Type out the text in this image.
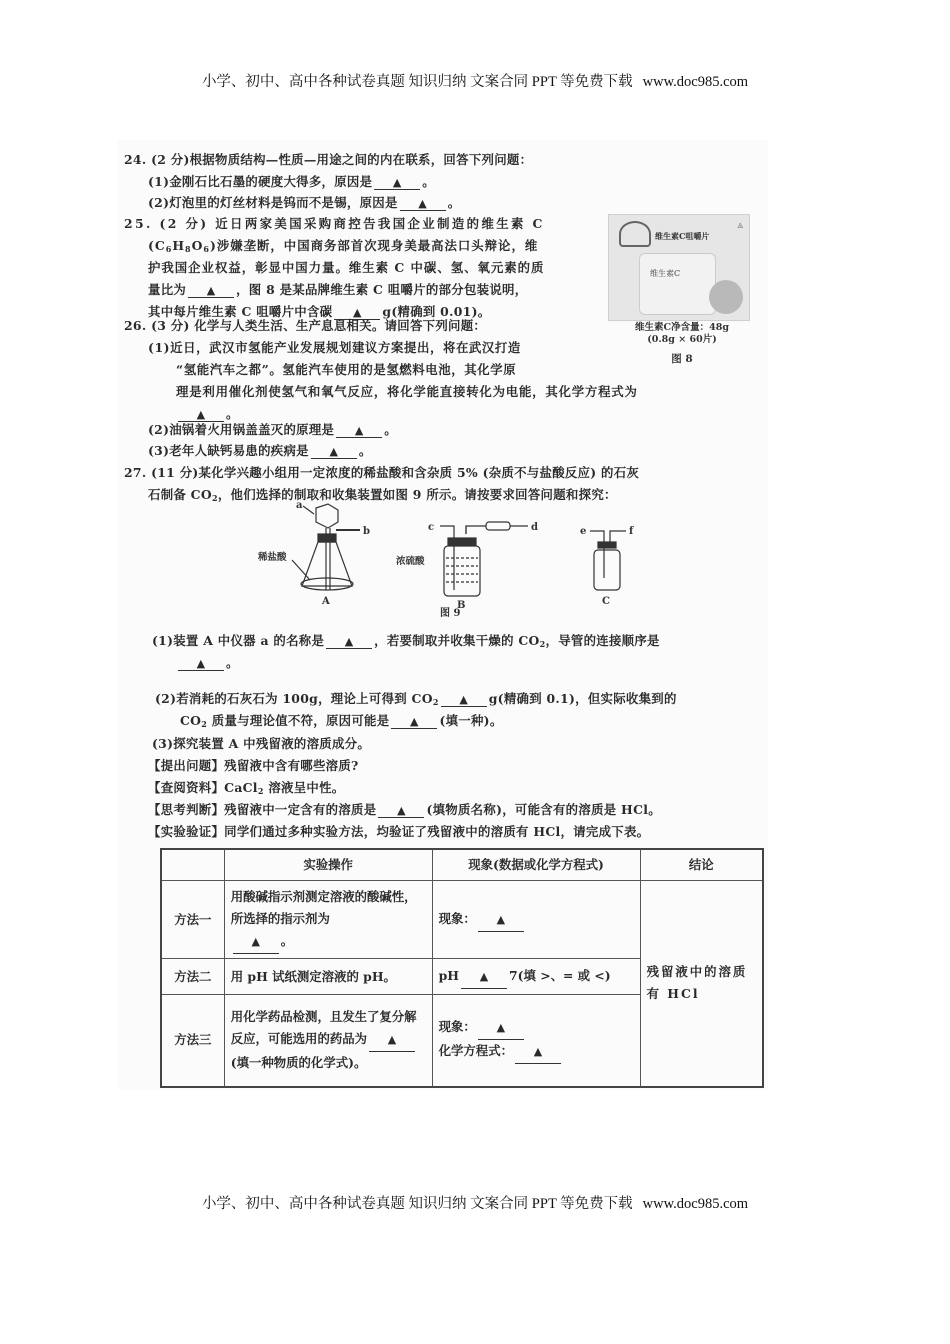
小学、初中、高中各种试卷真题 知识归纳 文案合同 PPT 等免费下载 www.doc985.com
24. (2 分)根据物质结构—性质—用途之间的内在联系，回答下列问题：
(1)金刚石比石墨的硬度大得多，原因是 ▲ 。
(2)灯泡里的灯丝材料是钨而不是锡，原因是 ▲ 。
25. (2 分) 近日两家美国采购商控告我国企业制造的维生素 C
$(C_6H_8O_6)$涉嫌垄断，中国商务部首次现身美最高法口头辩论，维
护我国企业权益，彰显中国力量。维生素 C 中碳、氢、氧元素的质
量比为 ▲ ，图 8 是某品牌维生素 C 咀嚼片的部分包装说明，
其中每片维生素 C 咀嚼片中含碳 ▲ g(精确到 0.01)。
维生素C咀嚼片
◬
维生素C
维生素C净含量：48g
(0.8g × 60片)
图 8
26. (3 分) 化学与人类生活、生产息息相关。请回答下列问题：
(1)近日，武汉市氢能产业发展规划建议方案提出，将在武汉打造
“氢能汽车之都”。氢能汽车使用的是氢燃料电池，其化学原
理是利用催化剂使氢气和氧气反应，将化学能直接转化为电能，其化学方程式为
▲ 。
(2)油锅着火用锅盖盖灭的原理是 ▲ 。
(3)老年人缺钙易患的疾病是 ▲ 。
27. (11 分)某化学兴趣小组用一定浓度的稀盐酸和含杂质 5% (杂质不与盐酸反应) 的石灰
石制备 $CO_2$，他们选择的制取和收集装置如图 9 所示。请按要求回答问题和探究：
a
b
稀盐酸
A
c	d
浓硫酸
B
e	f
C
图 9
(1)装置 A 中仪器 a 的名称是 ▲ ，若要制取并收集干燥的 $CO_2$，导管的连接顺序是
▲ 。
(2)若消耗的石灰石为 100g，理论上可得到 $CO_2$ ▲ g(精确到 0.1)，但实际收集到的
$CO_2$ 质量与理论值不符，原因可能是 ▲ (填一种)。
(3)探究装置 A 中残留液的溶质成分。
【提出问题】残留液中含有哪些溶质?
【查阅资料】CaCl$_2$ 溶液呈中性。
【思考判断】残留液中一定含有的溶质是 ▲ (填物质名称)，可能含有的溶质是 HCl。
【实验验证】同学们通过多种实验方法，均验证了残留液中的溶质有 HCl，请完成下表。
	实验操作	现象(数据或化学方程式)	结论
方法一	用酸碱指示剂测定溶液的酸碱性，所选择的指示剂为
▲ 。	现象： ▲	残留液中的溶质有 HCl
方法二	用 pH 试纸测定溶液的 pH。	pH ▲ 7(填 >、= 或 <)	
方法三	用化学药品检测，且发生了复分解反应，可能选用的药品为 ▲(填一种物质的化学式)。	现象： ▲
化学方程式： ▲	
小学、初中、高中各种试卷真题 知识归纳 文案合同 PPT 等免费下载 www.doc985.com
